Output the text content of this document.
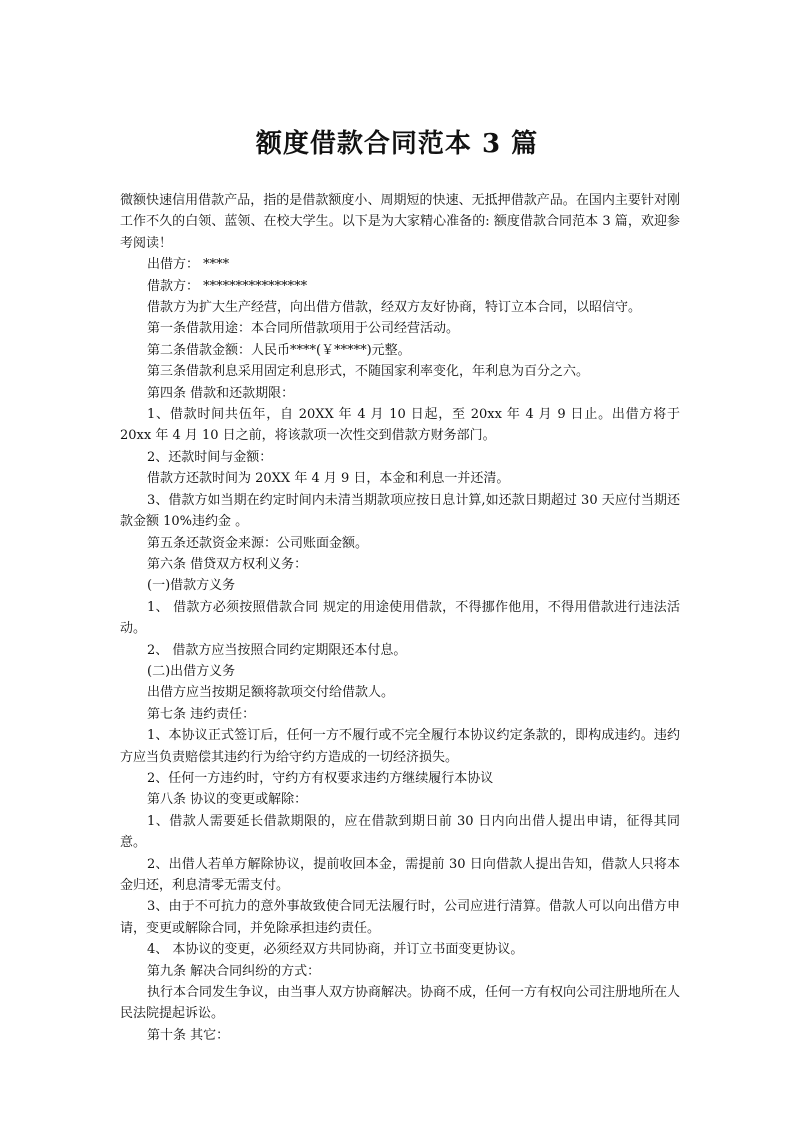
额度借款合同范本 3 篇

微额快速信用借款产品，指的是借款额度小、周期短的快速、无抵押借款产品。在国内主要针对刚工作不久的白领、蓝领、在校大学生。以下是为大家精心准备的: 额度借款合同范本 3 篇，欢迎参考阅读！

出借方： ****

借款方： ****************

借款方为扩大生产经营，向出借方借款，经双方友好协商，特订立本合同，以昭信守。

第一条借款用途：本合同所借款项用于公司经营活动。

第二条借款金额：人民币****(￥*****)元整。

第三条借款利息采用固定利息形式，不随国家利率变化，年利息为百分之六。

第四条 借款和还款期限：

1、借款时间共伍年，自 20XX 年 4 月 10 日起，至 20xx 年 4 月 9 日止。出借方将于 20xx 年 4 月 10 日之前，将该款项一次性交到借款方财务部门。

2、还款时间与金额：

借款方还款时间为 20XX 年 4 月 9 日，本金和利息一并还清。

3、借款方如当期在约定时间内未清当期款项应按日息计算,如还款日期超过 30 天应付当期还款金额 10%违约金 。

第五条还款资金来源：公司账面金额。

第六条 借贷双方权利义务：

(一)借款方义务

1、 借款方必须按照借款合同 规定的用途使用借款，不得挪作他用，不得用借款进行违法活动。

2、 借款方应当按照合同约定期限还本付息。

(二)出借方义务

出借方应当按期足额将款项交付给借款人。

第七条 违约责任：

1、本协议正式签订后，任何一方不履行或不完全履行本协议约定条款的，即构成违约。违约方应当负责赔偿其违约行为给守约方造成的一切经济损失。

2、任何一方违约时，守约方有权要求违约方继续履行本协议

第八条 协议的变更或解除：

1、借款人需要延长借款期限的，应在借款到期日前 30 日内向出借人提出申请，征得其同意。

2、出借人若单方解除协议，提前收回本金，需提前 30 日向借款人提出告知，借款人只将本金归还，利息清零无需支付。

3、由于不可抗力的意外事故致使合同无法履行时，公司应进行清算。借款人可以向出借方申请，变更或解除合同，并免除承担违约责任。

4、 本协议的变更，必须经双方共同协商，并订立书面变更协议。

第九条 解决合同纠纷的方式：

执行本合同发生争议，由当事人双方协商解决。协商不成，任何一方有权向公司注册地所在人民法院提起诉讼。

第十条 其它：
